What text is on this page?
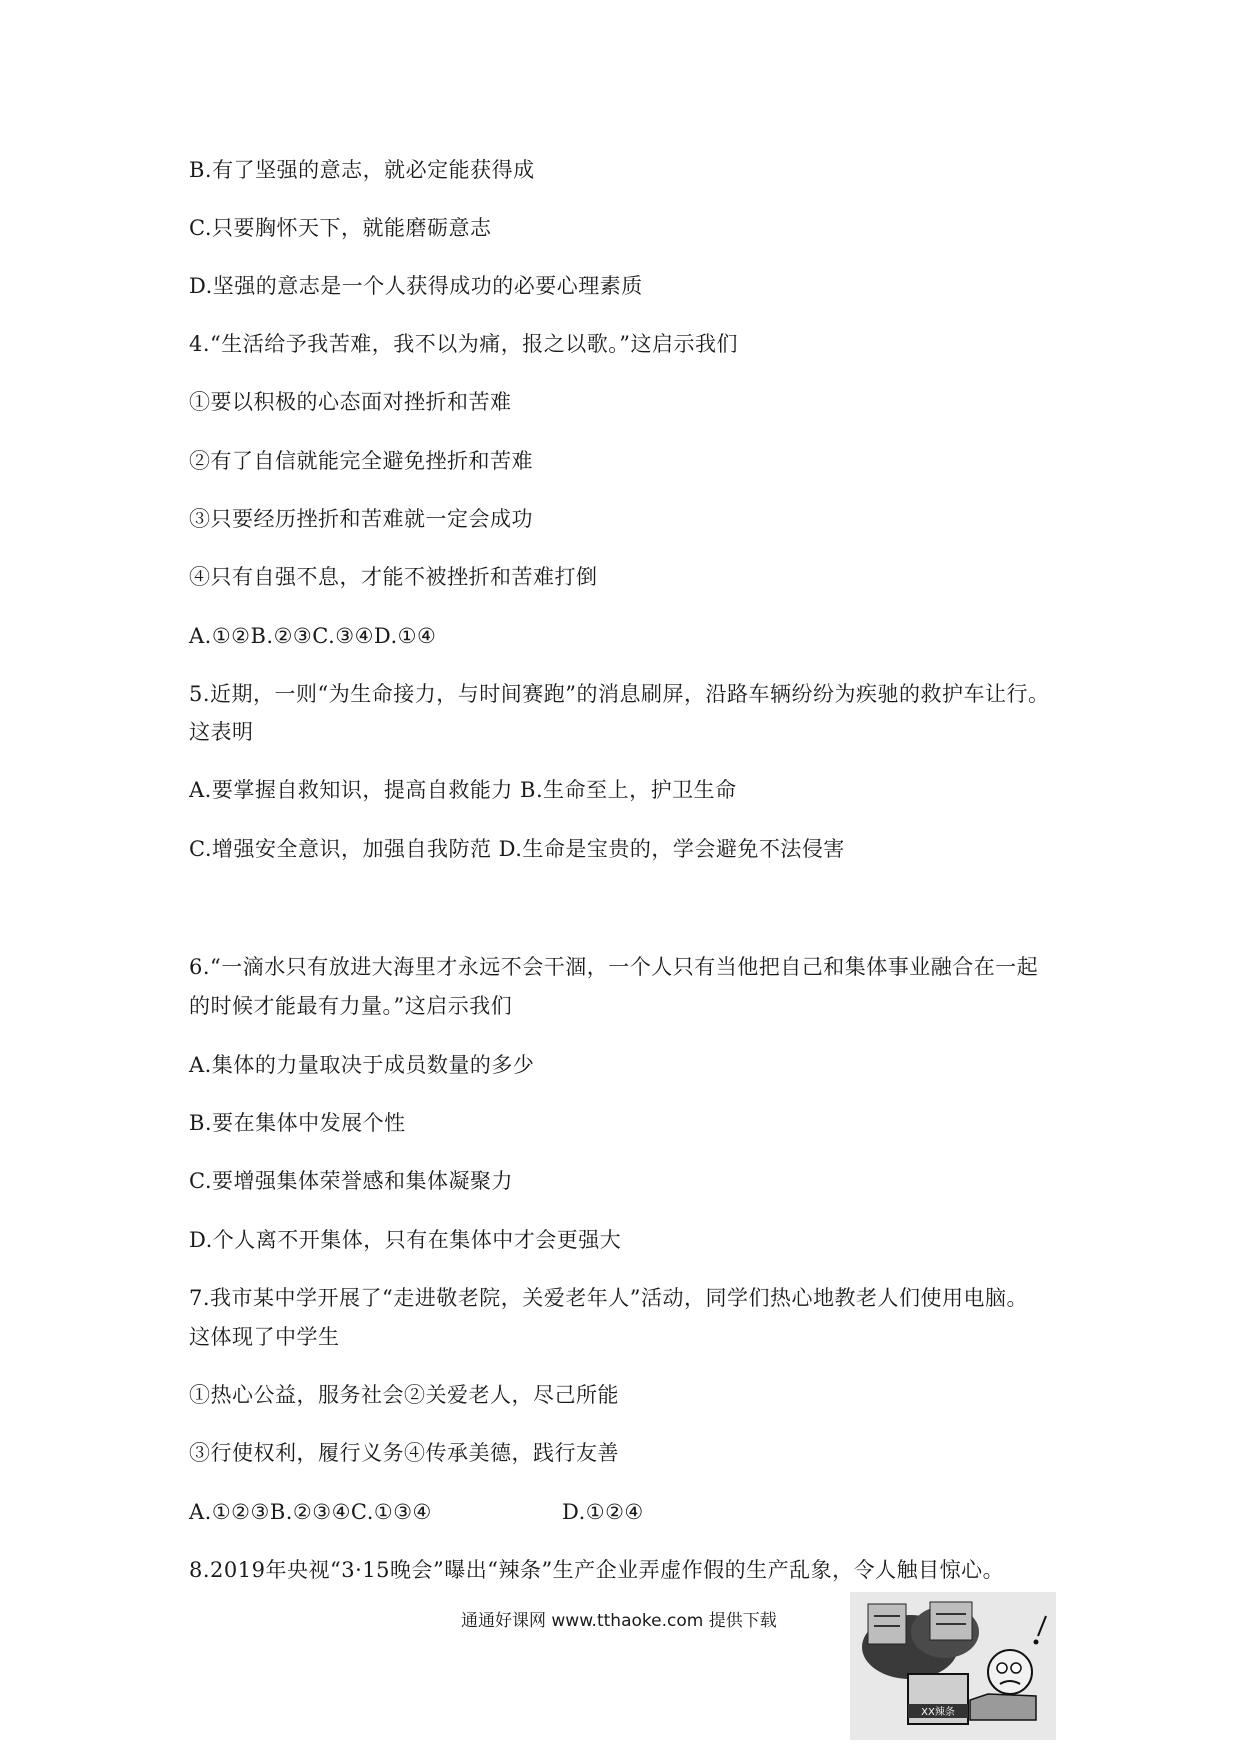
B.有了坚强的意志，就必定能获得成
C.只要胸怀天下，就能磨砺意志
D.坚强的意志是一个人获得成功的必要心理素质
4.“生活给予我苦难，我不以为痛，报之以歌。”这启示我们
①要以积极的心态面对挫折和苦难
②有了自信就能完全避免挫折和苦难
③只要经历挫折和苦难就一定会成功
④只有自强不息，才能不被挫折和苦难打倒
A.①②B.②③C.③④D.①④
5.近期，一则“为生命接力，与时间赛跑”的消息刷屏，沿路车辆纷纷为疾驰的救护车让行。
这表明
A.要掌握自救知识，提高自救能力 B.生命至上，护卫生命
C.增强安全意识，加强自我防范 D.生命是宝贵的，学会避免不法侵害
6.“一滴水只有放进大海里才永远不会干涸，一个人只有当他把自己和集体事业融合在一起
的时候才能最有力量。”这启示我们
A.集体的力量取决于成员数量的多少
B.要在集体中发展个性
C.要增强集体荣誉感和集体凝聚力
D.个人离不开集体，只有在集体中才会更强大
7.我市某中学开展了“走进敬老院，关爱老年人”活动，同学们热心地教老人们使用电脑。
这体现了中学生
①热心公益，服务社会②关爱老人，尽己所能
③行使权利，履行义务④传承美德，践行友善
A.①②③B.②③④C.①③④	D.①②④
8.2019年央视“3·15晚会”曝出“辣条”生产企业弄虚作假的生产乱象，令人触目惊心。
通通好课网 www.tthaoke.com 提供下载
XX辣条
